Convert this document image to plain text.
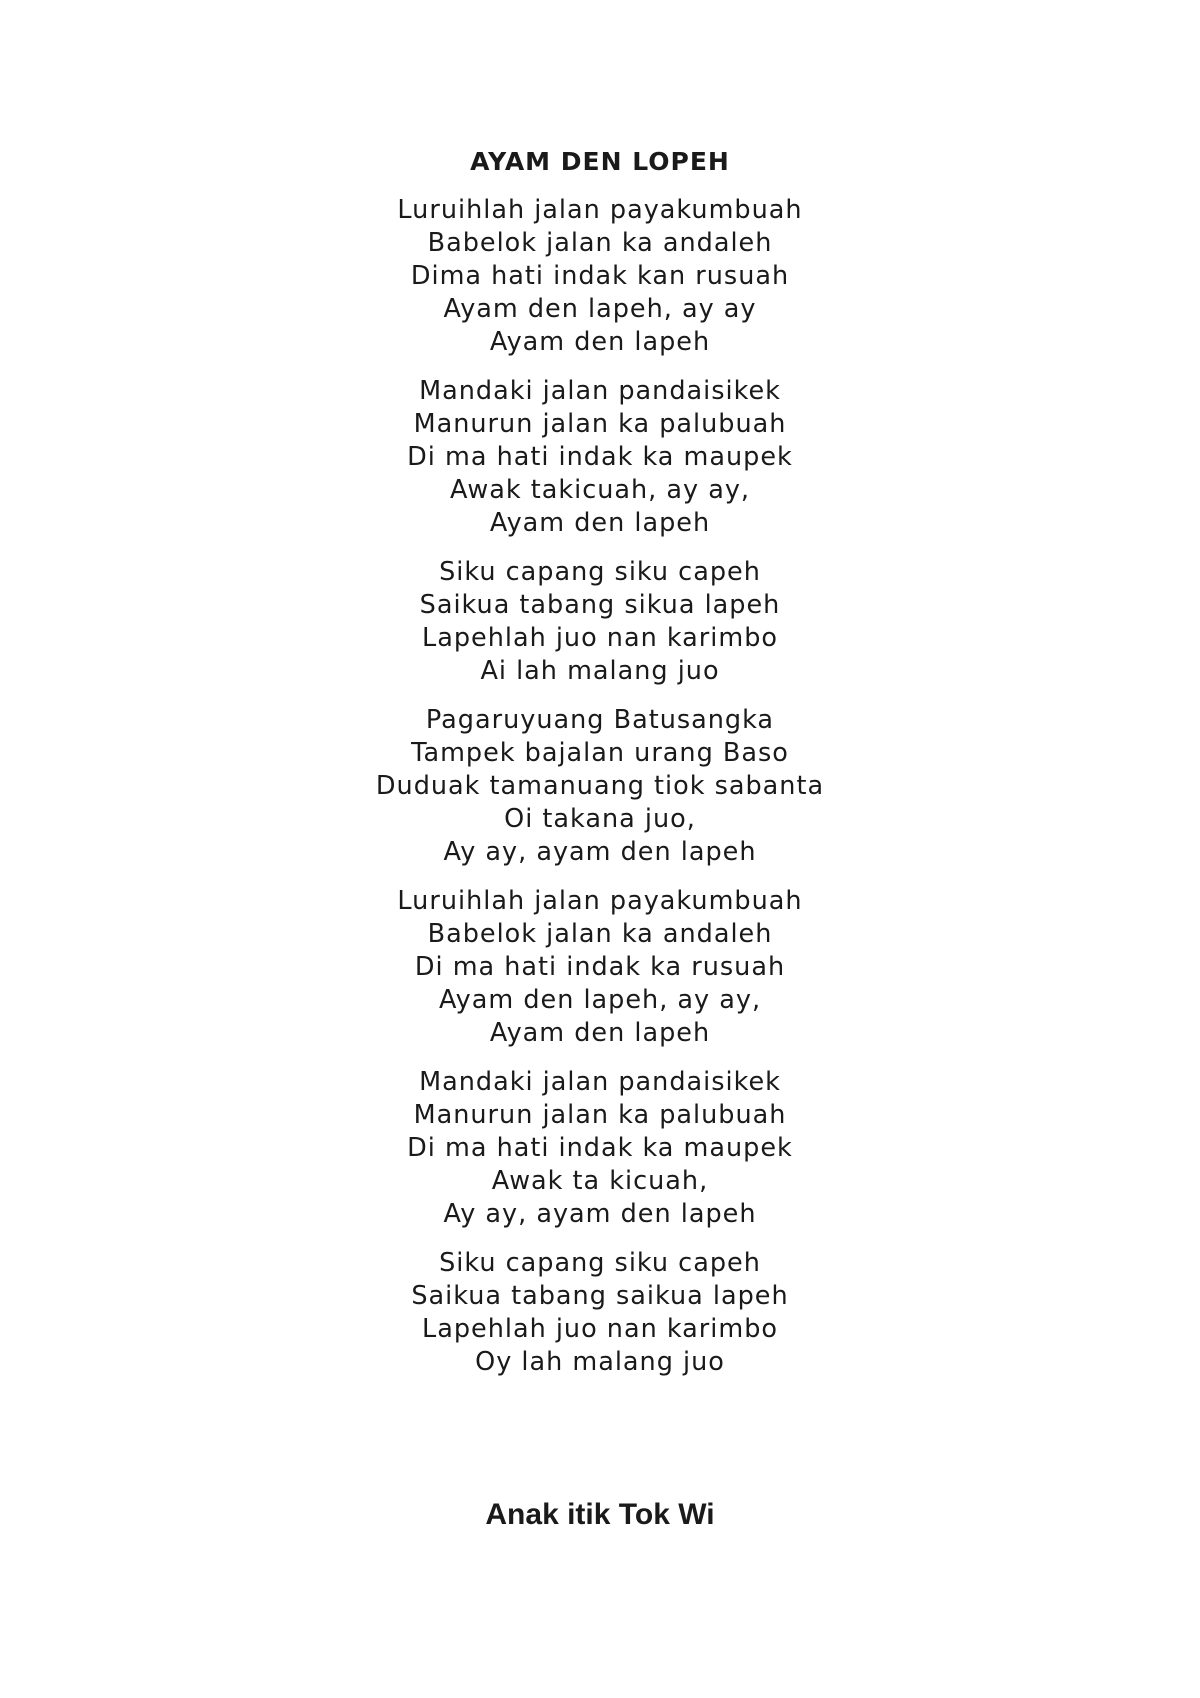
AYAM DEN LOPEH
Luruihlah jalan payakumbuah
Babelok jalan ka andaleh
Dima hati indak kan rusuah
Ayam den lapeh, ay ay
Ayam den lapeh
Mandaki jalan pandaisikek
Manurun jalan ka palubuah
Di ma hati indak ka maupek
Awak takicuah, ay ay,
Ayam den lapeh
Siku capang siku capeh
Saikua tabang sikua lapeh
Lapehlah juo nan karimbo
Ai lah malang juo
Pagaruyuang Batusangka
Tampek bajalan urang Baso
Duduak tamanuang tiok sabanta
Oi takana juo,
Ay ay, ayam den lapeh
Luruihlah jalan payakumbuah
Babelok jalan ka andaleh
Di ma hati indak ka rusuah
Ayam den lapeh, ay ay,
Ayam den lapeh
Mandaki jalan pandaisikek
Manurun jalan ka palubuah
Di ma hati indak ka maupek
Awak ta kicuah,
Ay ay, ayam den lapeh
Siku capang siku capeh
Saikua tabang saikua lapeh
Lapehlah juo nan karimbo
Oy lah malang juo
Anak itik Tok Wi
